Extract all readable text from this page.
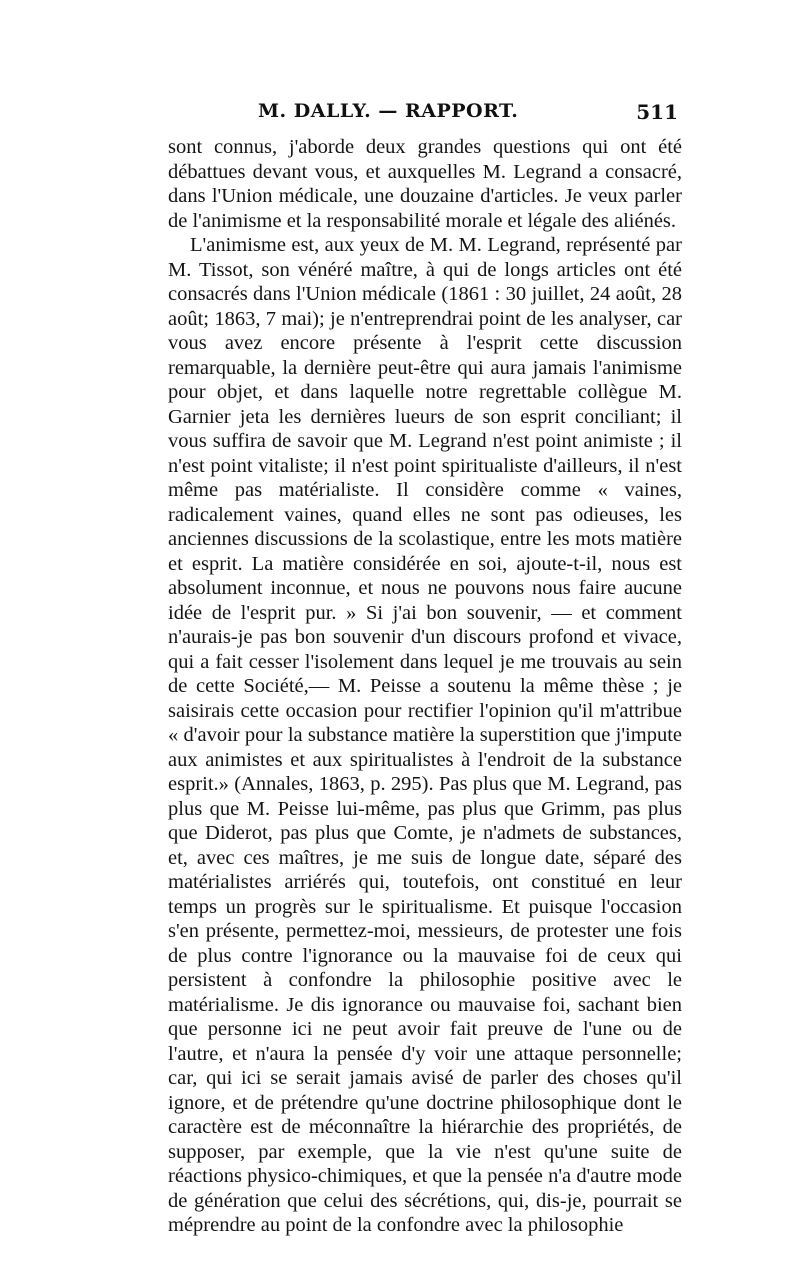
M. DALLY. — RAPPORT.	511

sont connus, j'aborde deux grandes questions qui ont été débattues devant vous, et auxquelles M. Legrand a consacré, dans l'Union médicale, une douzaine d'articles. Je veux parler de l'animisme et la responsabilité morale et légale des aliénés.

L'animisme est, aux yeux de M. M. Legrand, représenté par M. Tissot, son vénéré maître, à qui de longs articles ont été consacrés dans l'Union médicale (1861 : 30 juillet, 24 août, 28 août; 1863, 7 mai); je n'entreprendrai point de les analyser, car vous avez encore présente à l'esprit cette discussion remarquable, la dernière peut-être qui aura jamais l'animisme pour objet, et dans laquelle notre regrettable collègue M. Garnier jeta les dernières lueurs de son esprit conciliant; il vous suffira de savoir que M. Legrand n'est point animiste ; il n'est point vitaliste; il n'est point spiritualiste d'ailleurs, il n'est même pas matérialiste. Il considère comme « vaines, radicalement vaines, quand elles ne sont pas odieuses, les anciennes discussions de la scolastique, entre les mots matière et esprit. La matière considérée en soi, ajoute-t-il, nous est absolument inconnue, et nous ne pouvons nous faire aucune idée de l'esprit pur. » Si j'ai bon souvenir, — et comment n'aurais-je pas bon souvenir d'un discours profond et vivace, qui a fait cesser l'isolement dans lequel je me trouvais au sein de cette Société,— M. Peisse a soutenu la même thèse ; je saisirais cette occasion pour rectifier l'opinion qu'il m'attribue « d'avoir pour la substance matière la superstition que j'impute aux animistes et aux spiritualistes à l'endroit de la substance esprit.» (Annales, 1863, p. 295). Pas plus que M. Legrand, pas plus que M. Peisse lui-même, pas plus que Grimm, pas plus que Diderot, pas plus que Comte, je n'admets de substances, et, avec ces maîtres, je me suis de longue date, séparé des matérialistes arriérés qui, toutefois, ont constitué en leur temps un progrès sur le spiritualisme. Et puisque l'occasion s'en présente, permettez-moi, messieurs, de protester une fois de plus contre l'ignorance ou la mauvaise foi de ceux qui persistent à confondre la philosophie positive avec le matérialisme. Je dis ignorance ou mauvaise foi, sachant bien que personne ici ne peut avoir fait preuve de l'une ou de l'autre, et n'aura la pensée d'y voir une attaque personnelle; car, qui ici se serait jamais avisé de parler des choses qu'il ignore, et de prétendre qu'une doctrine philosophique dont le caractère est de méconnaître la hiérarchie des propriétés, de supposer, par exemple, que la vie n'est qu'une suite de réactions physico-chimiques, et que la pensée n'a d'autre mode de génération que celui des sécrétions, qui, dis-je, pourrait se méprendre au point de la confondre avec la philosophie
